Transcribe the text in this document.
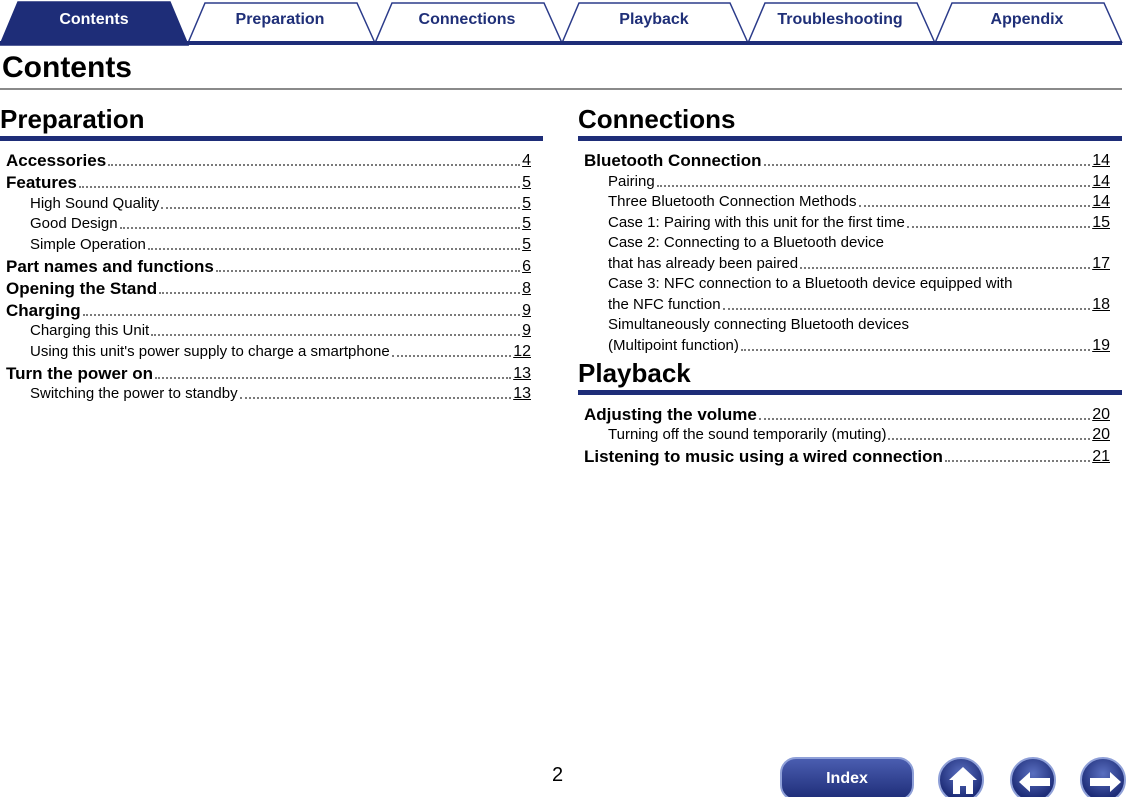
Contents	Preparation	Connections	Playback	Troubleshooting	Appendix
Contents
Preparation
Accessories	4
Features	5
High Sound Quality	5
Good Design	5
Simple Operation	5
Part names and functions	6
Opening the Stand	8
Charging	9
Charging this Unit	9
Using this unit's power supply to charge a smartphone	12
Turn the power on	13
Switching the power to standby	13
Connections
Bluetooth Connection	14
Pairing	14
Three Bluetooth Connection Methods	14
Case 1: Pairing with this unit for the first time	15
Case 2: Connecting to a Bluetooth device
that has already been paired	17
Case 3: NFC connection to a Bluetooth device equipped with
the NFC function	18
Simultaneously connecting Bluetooth devices
(Multipoint function)	19
Playback
Adjusting the volume	20
Turning off the sound temporarily (muting)	20
Listening to music using a wired connection	21
2	Index
